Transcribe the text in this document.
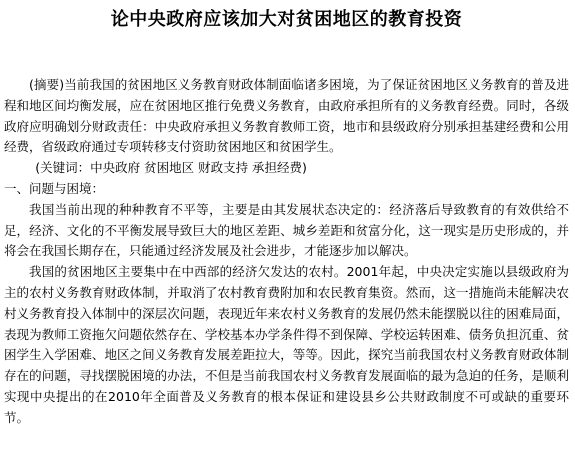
论中央政府应该加大对贫困地区的教育投资

(摘要)当前我国的贫困地区义务教育财政体制面临诸多困境，为了保证贫困地区义务教育的普及进程和地区间均衡发展，应在贫困地区推行免费义务教育，由政府承担所有的义务教育经费。同时，各级政府应明确划分财政责任：中央政府承担义务教育教师工资，地市和县级政府分别承担基建经费和公用经费，省级政府通过专项转移支付资助贫困地区和贫困学生。

(关键词：中央政府 贫困地区 财政支持 承担经费)

一、问题与困境：

我国当前出现的种种教育不平等，主要是由其发展状态决定的：经济落后导致教育的有效供给不足，经济、文化的不平衡发展导致巨大的地区差距、城乡差距和贫富分化，这一现实是历史形成的，并将会在我国长期存在，只能通过经济发展及社会进步，才能逐步加以解决。

我国的贫困地区主要集中在中西部的经济欠发达的农村。2001年起，中央决定实施以县级政府为主的农村义务教育财政体制，并取消了农村教育费附加和农民教育集资。然而，这一措施尚未能解决农村义务教育投入体制中的深层次问题，表现近年来农村义务教育的发展仍然未能摆脱以往的困难局面，表现为教师工资拖欠问题依然存在、学校基本办学条件得不到保障、学校运转困难、债务负担沉重、贫困学生入学困难、地区之间义务教育发展差距拉大，等等。因此，探究当前我国农村义务教育财政体制存在的问题，寻找摆脱困境的办法，不但是当前我国农村义务教育发展面临的最为急迫的任务，是顺利实现中央提出的在2010年全面普及义务教育的根本保证和建设县乡公共财政制度不可或缺的重要环节。
